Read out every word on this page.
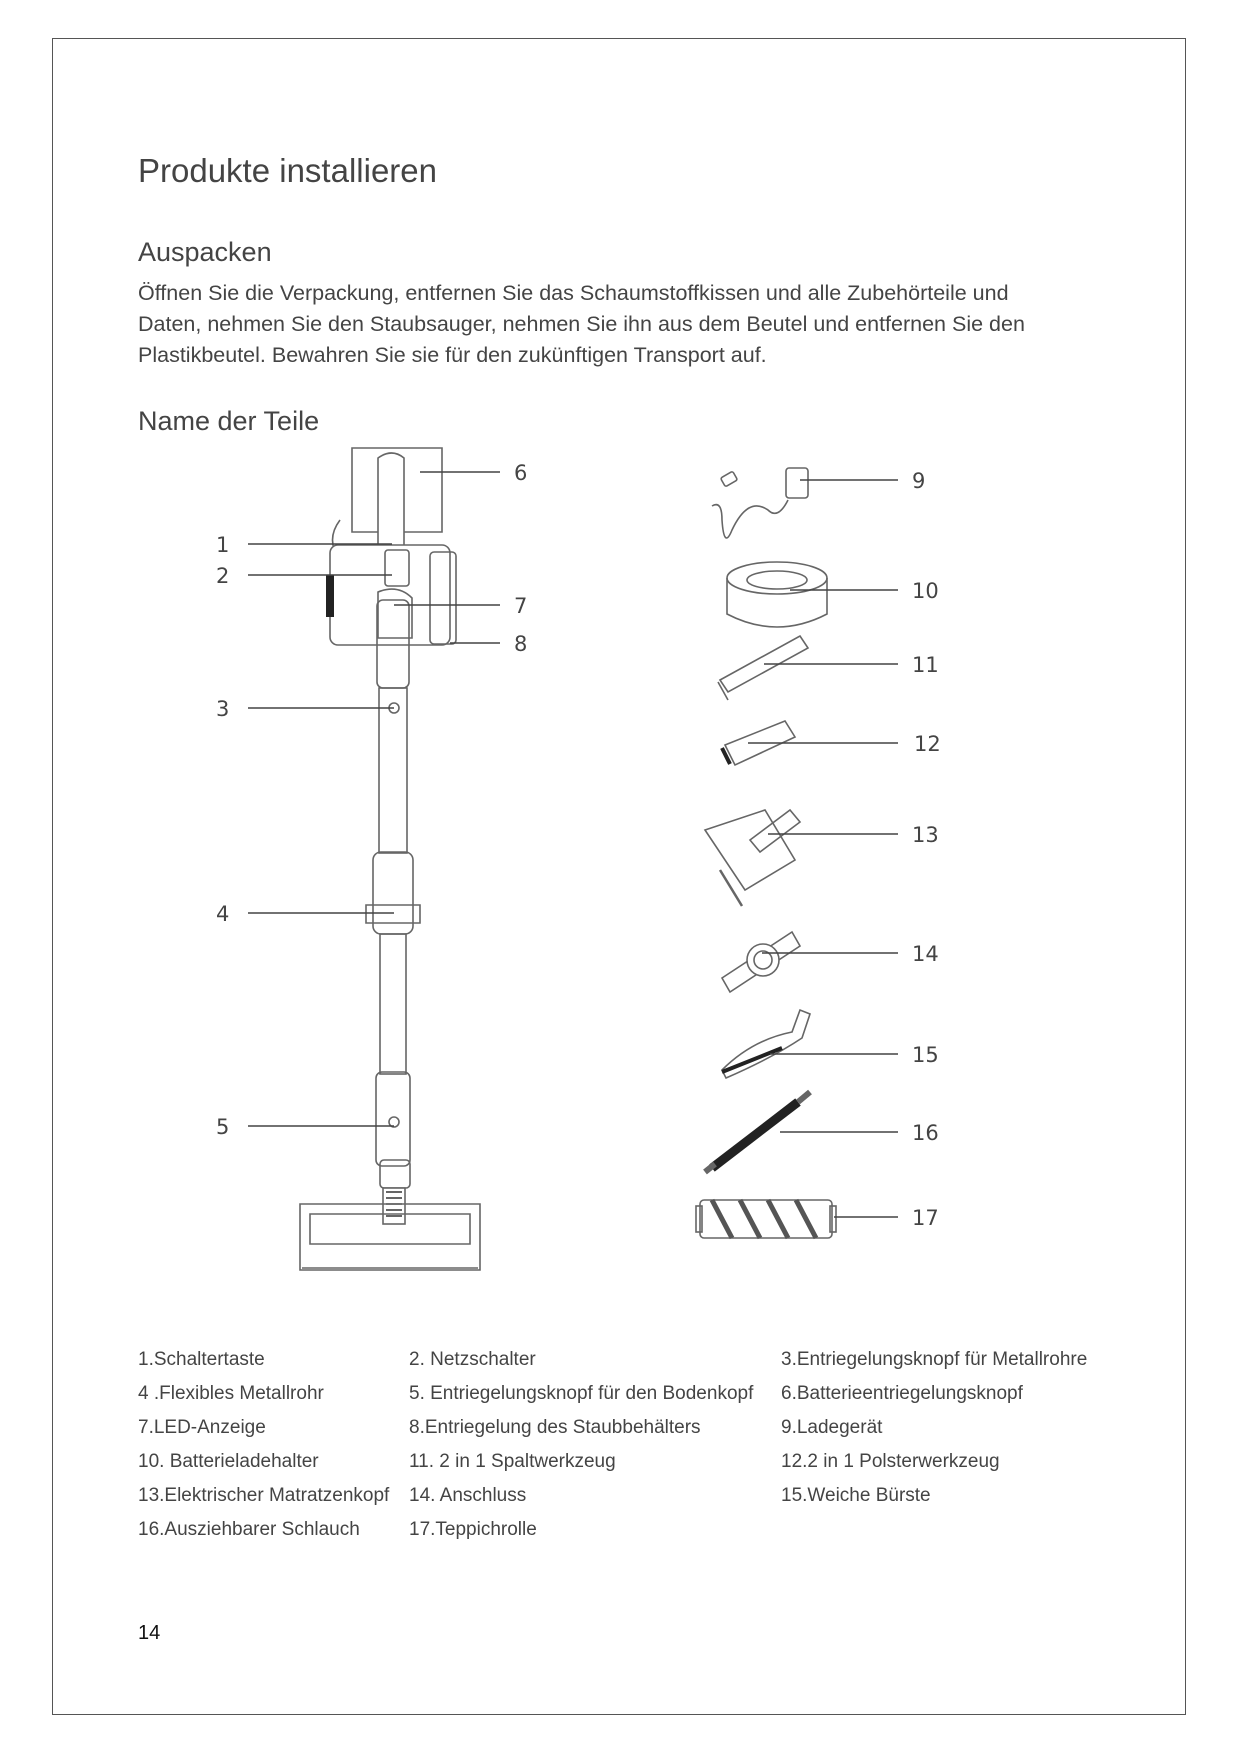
Produkte installieren
Auspacken
Öffnen Sie die Verpackung, entfernen Sie das Schaumstoffkissen und alle Zubehörteile und
Daten, nehmen Sie den Staubsauger, nehmen Sie ihn aus dem Beutel und entfernen Sie den
Plastikbeutel. Bewahren Sie sie für den zukünftigen Transport auf.
Name der Teile
1
2
3
4
5
6
7
8
9
10
11
12
13
14
15
16
17
1.Schaltertaste	2. Netzschalter	3.Entriegelungsknopf für Metallrohre
4 .Flexibles Metallrohr	5. Entriegelungsknopf für den Bodenkopf	6.Batterieentriegelungsknopf
7.LED-Anzeige	8.Entriegelung des Staubbehälters	9.Ladegerät
10. Batterieladehalter	11. 2 in 1 Spaltwerkzeug	12.2 in 1 Polsterwerkzeug
13.Elektrischer Matratzenkopf	14. Anschluss	15.Weiche Bürste
16.Ausziehbarer Schlauch	17.Teppichrolle
14
